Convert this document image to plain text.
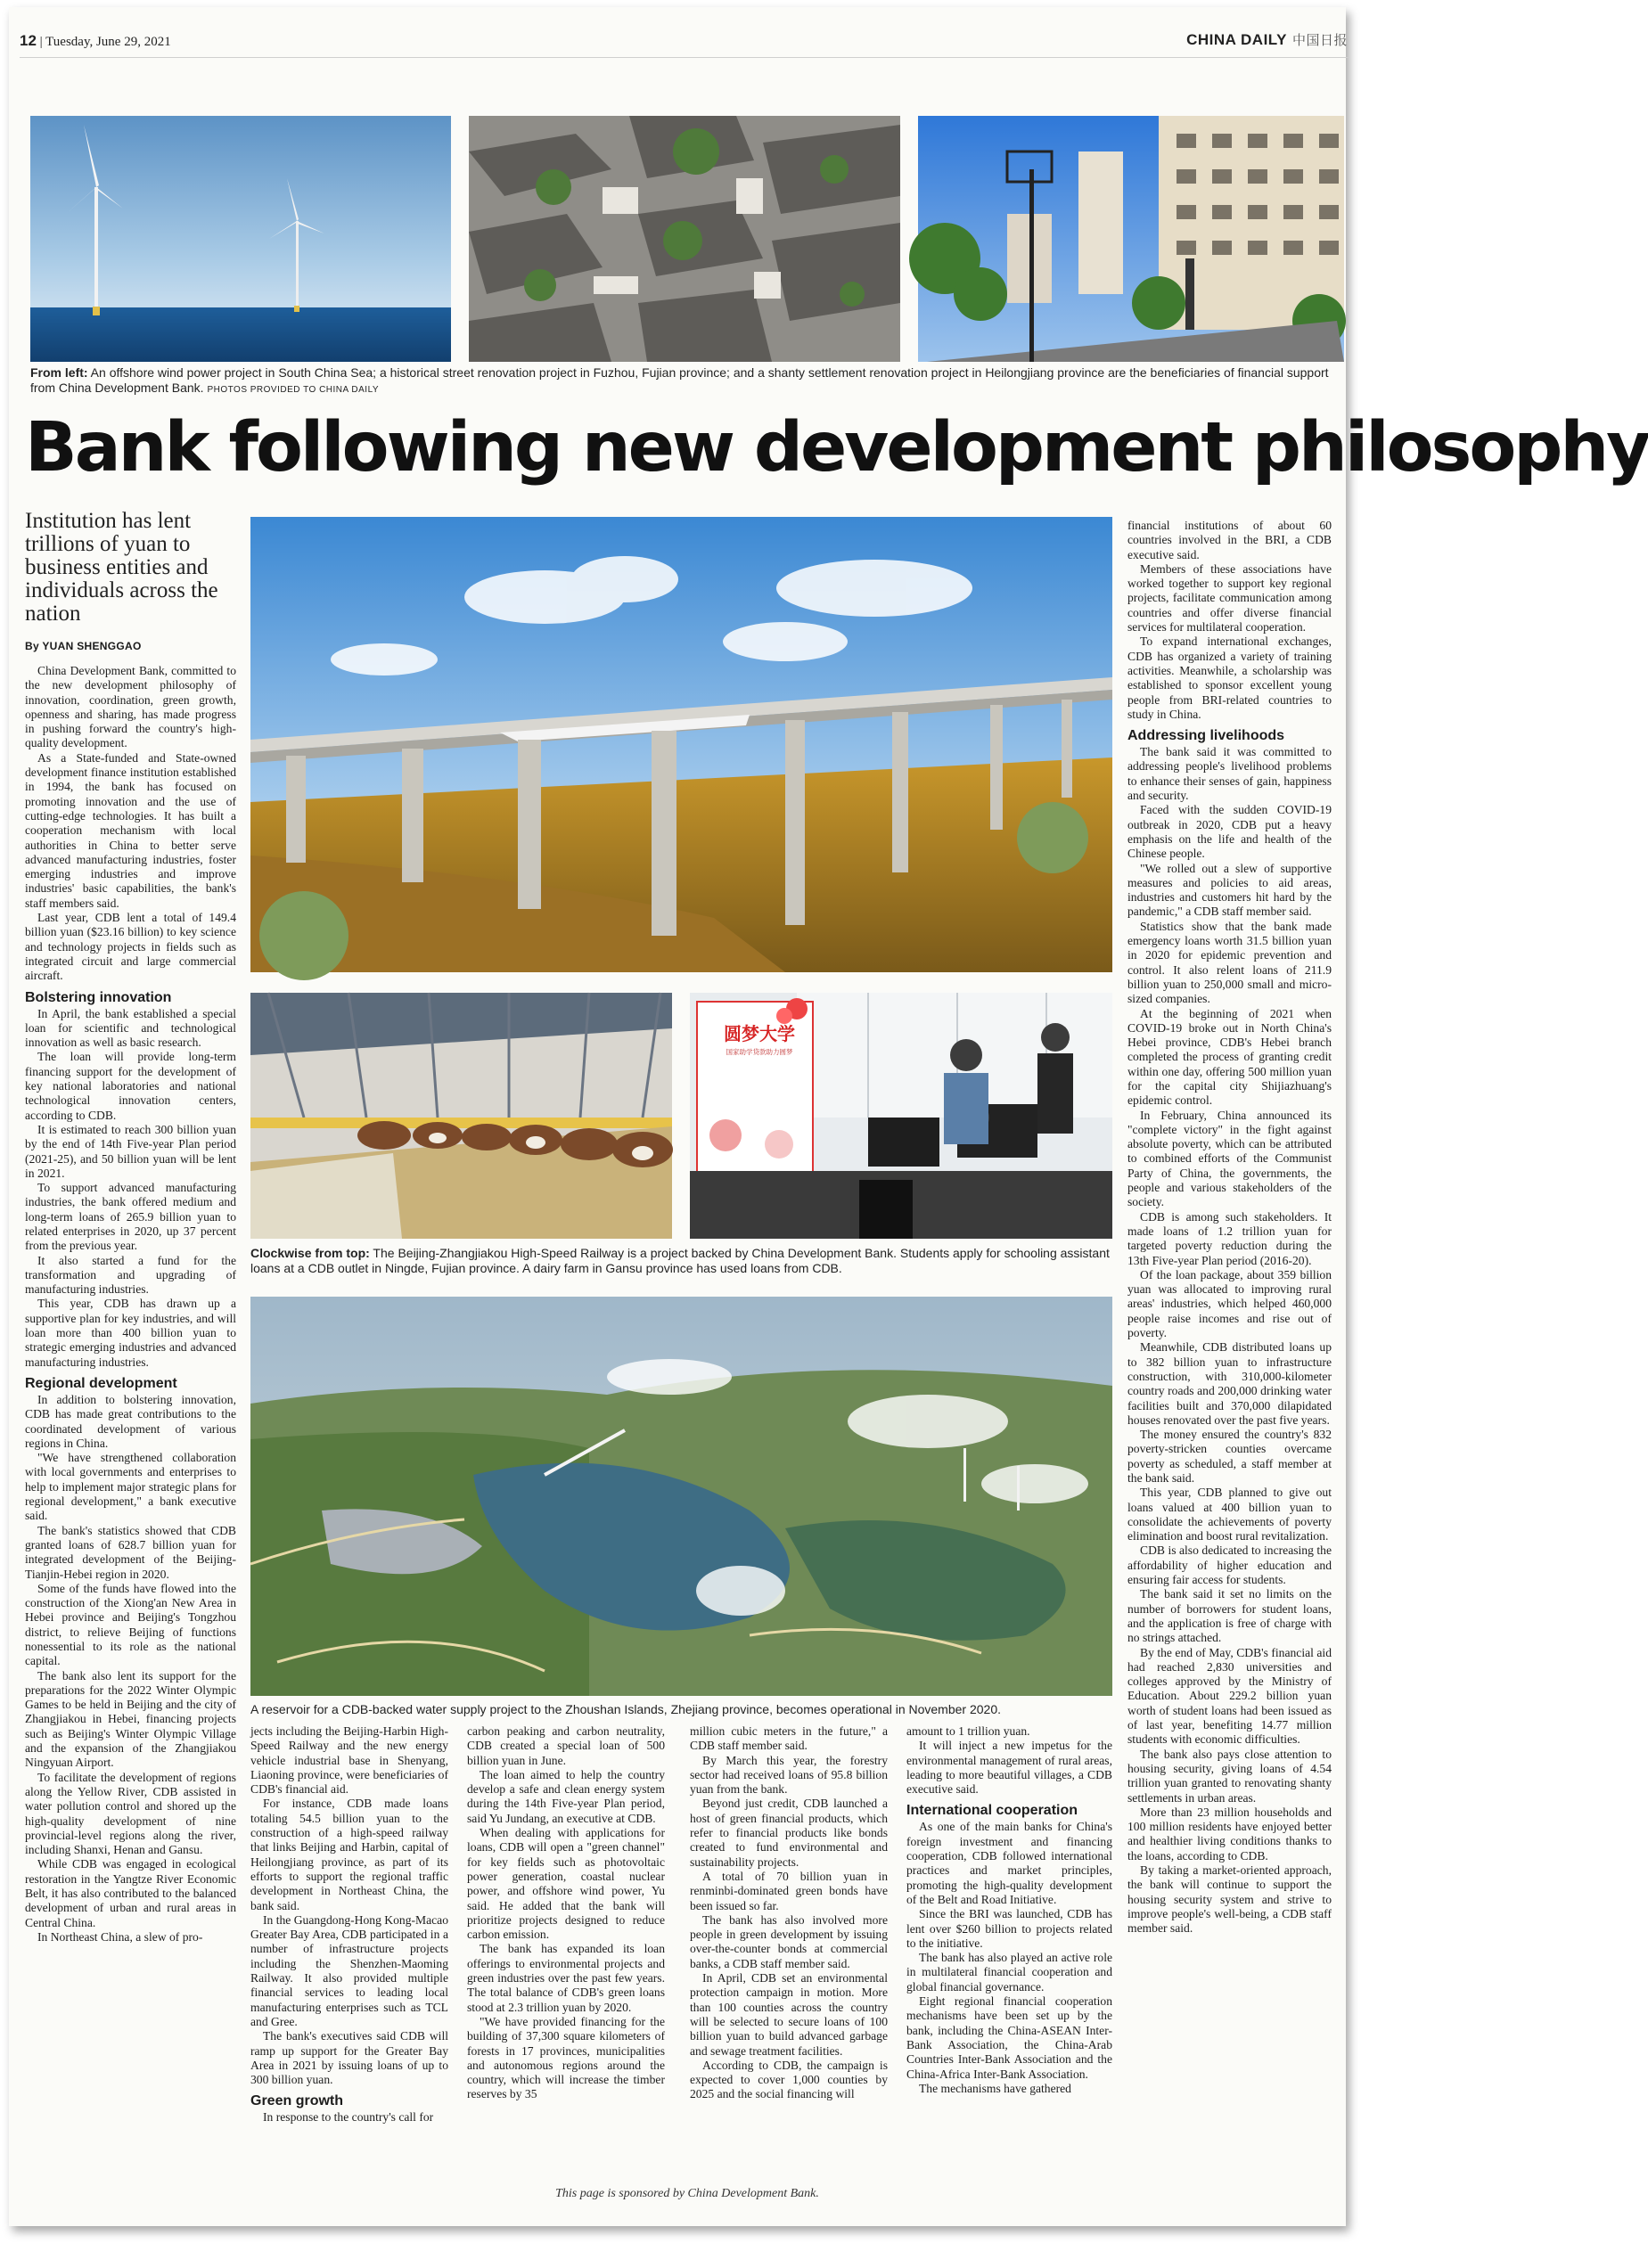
12 | Tuesday, June 29, 2021	CHINA DAILY 中国日报
From left: An offshore wind power project in South China Sea; a historical street renovation project in Fuzhou, Fujian province; and a shanty settlement renovation project in Heilongjiang province are the beneficiaries of financial support from China Development Bank. PHOTOS PROVIDED TO CHINA DAILY
Bank following new development philosophy
Institution has lent trillions of yuan to business entities and individuals across the nation
By YUAN SHENGGAO
圆梦大学
国家助学贷款助力圆梦
Clockwise from top: The Beijing-Zhangjiakou High-Speed Railway is a project backed by China Development Bank. Students apply for schooling assistant loans at a CDB outlet in Ningde, Fujian province. A dairy farm in Gansu province has used loans from CDB.
A reservoir for a CDB-backed water supply project to the Zhoushan Islands, Zhejiang province, becomes operational in November 2020.

China Development Bank, committed to the new development philosophy of innovation, coordination, green growth, openness and sharing, has made progress in pushing forward the country's high-quality development.

As a State-funded and State-owned development finance institution established in 1994, the bank has focused on promoting innovation and the use of cutting-edge technologies. It has built a cooperation mechanism with local authorities in China to better serve advanced manufacturing industries, foster emerging industries and improve industries' basic capabilities, the bank's staff members said.

Last year, CDB lent a total of 149.4 billion yuan ($23.16 billion) to key science and technology projects in fields such as integrated circuit and large commercial aircraft.

Bolstering innovation

In April, the bank established a special loan for scientific and technological innovation as well as basic research.

The loan will provide long-term financing support for the development of key national laboratories and national technological innovation centers, according to CDB.

It is estimated to reach 300 billion yuan by the end of 14th Five-year Plan period (2021-25), and 50 billion yuan will be lent in 2021.

To support advanced manufacturing industries, the bank offered medium and long-term loans of 265.9 billion yuan to related enterprises in 2020, up 37 percent from the previous year.

It also started a fund for the transformation and upgrading of manufacturing industries.

This year, CDB has drawn up a supportive plan for key industries, and will loan more than 400 billion yuan to strategic emerging industries and advanced manufacturing industries.

Regional development

In addition to bolstering innovation, CDB has made great contributions to the coordinated development of various regions in China.

"We have strengthened collaboration with local governments and enterprises to help to implement major strategic plans for regional development," a bank executive said.

The bank's statistics showed that CDB granted loans of 628.7 billion yuan for integrated development of the Beijing-Tianjin-Hebei region in 2020.

Some of the funds have flowed into the construction of the Xiong'an New Area in Hebei province and Beijing's Tongzhou district, to relieve Beijing of functions nonessential to its role as the national capital.

The bank also lent its support for the preparations for the 2022 Winter Olympic Games to be held in Beijing and the city of Zhangjiakou in Hebei, financing projects such as Beijing's Winter Olympic Village and the expansion of the Zhangjiakou Ningyuan Airport.

To facilitate the development of regions along the Yellow River, CDB assisted in water pollution control and shored up the high-quality development of nine provincial-level regions along the river, including Shanxi, Henan and Gansu.

While CDB was engaged in ecological restoration in the Yangtze River Economic Belt, it has also contributed to the balanced development of urban and rural areas in Central China.

In Northeast China, a slew of pro-

jects including the Beijing-Harbin High-Speed Railway and the new energy vehicle industrial base in Shenyang, Liaoning province, were beneficiaries of CDB's financial aid.

For instance, CDB made loans totaling 54.5 billion yuan to the construction of a high-speed railway that links Beijing and Harbin, capital of Heilongjiang province, as part of its efforts to support the regional traffic development in Northeast China, the bank said.

In the Guangdong-Hong Kong-Macao Greater Bay Area, CDB participated in a number of infrastructure projects including the Shenzhen-Maoming Railway. It also provided multiple financial services to leading local manufacturing enterprises such as TCL and Gree.

The bank's executives said CDB will ramp up support for the Greater Bay Area in 2021 by issuing loans of up to 300 billion yuan.

Green growth

In response to the country's call for

carbon peaking and carbon neutrality, CDB created a special loan of 500 billion yuan in June.

The loan aimed to help the country develop a safe and clean energy system during the 14th Five-year Plan period, said Yu Jundang, an executive at CDB.

When dealing with applications for loans, CDB will open a "green channel" for key fields such as photovoltaic power generation, coastal nuclear power, and offshore wind power, Yu said. He added that the bank will prioritize projects designed to reduce carbon emission.

The bank has expanded its loan offerings to environmental projects and green industries over the past few years. The total balance of CDB's green loans stood at 2.3 trillion yuan by 2020.

"We have provided financing for the building of 37,300 square kilometers of forests in 17 provinces, municipalities and autonomous regions around the country, which will increase the timber reserves by 35

million cubic meters in the future," a CDB staff member said.

By March this year, the forestry sector had received loans of 95.8 billion yuan from the bank.

Beyond just credit, CDB launched a host of green financial products, which refer to financial products like bonds created to fund environmental and sustainability projects.

A total of 70 billion yuan in renminbi-dominated green bonds have been issued so far.

The bank has also involved more people in green development by issuing over-the-counter bonds at commercial banks, a CDB staff member said.

In April, CDB set an environmental protection campaign in motion. More than 100 counties across the country will be selected to secure loans of 100 billion yuan to build advanced garbage and sewage treatment facilities.

According to CDB, the campaign is expected to cover 1,000 counties by 2025 and the social financing will

amount to 1 trillion yuan.

It will inject a new impetus for the environmental management of rural areas, leading to more beautiful villages, a CDB executive said.

International cooperation

As one of the main banks for China's foreign investment and financing cooperation, CDB followed international practices and market principles, promoting the high-quality development of the Belt and Road Initiative.

Since the BRI was launched, CDB has lent over $260 billion to projects related to the initiative.

The bank has also played an active role in multilateral financial cooperation and global financial governance.

Eight regional financial cooperation mechanisms have been set up by the bank, including the China-ASEAN Inter-Bank Association, the China-Arab Countries Inter-Bank Association and the China-Africa Inter-Bank Association.

The mechanisms have gathered

financial institutions of about 60 countries involved in the BRI, a CDB executive said.

Members of these associations have worked together to support key regional projects, facilitate communication among countries and offer diverse financial services for multilateral cooperation.

To expand international exchanges, CDB has organized a variety of training activities. Meanwhile, a scholarship was established to sponsor excellent young people from BRI-related countries to study in China.

Addressing livelihoods

The bank said it was committed to addressing people's livelihood problems to enhance their senses of gain, happiness and security.

Faced with the sudden COVID-19 outbreak in 2020, CDB put a heavy emphasis on the life and health of the Chinese people.

"We rolled out a slew of supportive measures and policies to aid areas, industries and customers hit hard by the pandemic," a CDB staff member said.

Statistics show that the bank made emergency loans worth 31.5 billion yuan in 2020 for epidemic prevention and control. It also relent loans of 211.9 billion yuan to 250,000 small and micro-sized companies.

At the beginning of 2021 when COVID-19 broke out in North China's Hebei province, CDB's Hebei branch completed the process of granting credit within one day, offering 500 million yuan for the capital city Shijiazhuang's epidemic control.

In February, China announced its "complete victory" in the fight against absolute poverty, which can be attributed to combined efforts of the Communist Party of China, the governments, the people and various stakeholders of the society.

CDB is among such stakeholders. It made loans of 1.2 trillion yuan for targeted poverty reduction during the 13th Five-year Plan period (2016-20).

Of the loan package, about 359 billion yuan was allocated to improving rural areas' industries, which helped 460,000 people raise incomes and rise out of poverty.

Meanwhile, CDB distributed loans up to 382 billion yuan to infrastructure construction, with 310,000-kilometer country roads and 200,000 drinking water facilities built and 370,000 dilapidated houses renovated over the past five years.

The money ensured the country's 832 poverty-stricken counties overcame poverty as scheduled, a staff member at the bank said.

This year, CDB planned to give out loans valued at 400 billion yuan to consolidate the achievements of poverty elimination and boost rural revitalization.

CDB is also dedicated to increasing the affordability of higher education and ensuring fair access for students.

The bank said it set no limits on the number of borrowers for student loans, and the application is free of charge with no strings attached.

By the end of May, CDB's financial aid had reached 2,830 universities and colleges approved by the Ministry of Education. About 229.2 billion yuan worth of student loans had been issued as of last year, benefiting 14.77 million students with economic difficulties.

The bank also pays close attention to housing security, giving loans of 4.54 trillion yuan granted to renovating shanty settlements in urban areas.

More than 23 million households and 100 million residents have enjoyed better and healthier living conditions thanks to the loans, according to CDB.

By taking a market-oriented approach, the bank will continue to support the housing security system and strive to improve people's well-being, a CDB staff member said.

This page is sponsored by China Development Bank.
